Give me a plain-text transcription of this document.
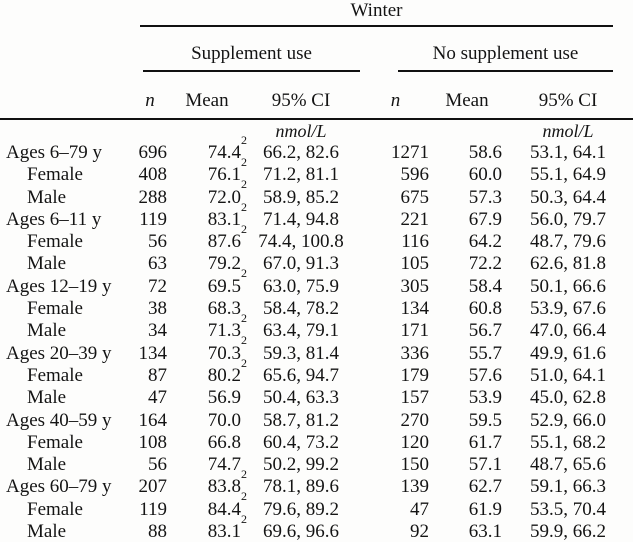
	Winter					

	Supplement use			No supplement use		

	n	Mean	95% CI	n	Mean	95% CI
			nmol/L			nmol/L
Ages 6–79 y	696	74.4$^2$	66.2, 82.6	1271	58.6	53.1, 64.1
Female	408	76.1$^2$	71.2, 81.1	596	60.0	55.1, 64.9
Male	288	72.0$^2$	58.9, 85.2	675	57.3	50.3, 64.4
Ages 6–11 y	119	83.1$^2$	71.4, 94.8	221	67.9	56.0, 79.7
Female	56	87.6$^2$	74.4, 100.8	116	64.2	48.7, 79.6
Male	63	79.2	67.0, 91.3	105	72.2	62.6, 81.8
Ages 12–19 y	72	69.5$^2$	63.0, 75.9	305	58.4	50.1, 66.6
Female	38	68.3	58.4, 78.2	134	60.8	53.9, 67.6
Male	34	71.3$^2$	63.4, 79.1	171	56.7	47.0, 66.4
Ages 20–39 y	134	70.3$^2$	59.3, 81.4	336	55.7	49.9, 61.6
Female	87	80.2$^2$	65.6, 94.7	179	57.6	51.0, 64.1
Male	47	56.9	50.4, 63.3	157	53.9	45.0, 62.8
Ages 40–59 y	164	70.0	58.7, 81.2	270	59.5	52.9, 66.0
Female	108	66.8	60.4, 73.2	120	61.7	55.1, 68.2
Male	56	74.7	50.2, 99.2	150	57.1	48.7, 65.6
Ages 60–79 y	207	83.8$^2$	78.1, 89.6	139	62.7	59.1, 66.3
Female	119	84.4$^2$	79.6, 89.2	47	61.9	53.5, 70.4
Male	88	83.1$^2$	69.6, 96.6	92	63.1	59.9, 66.2
